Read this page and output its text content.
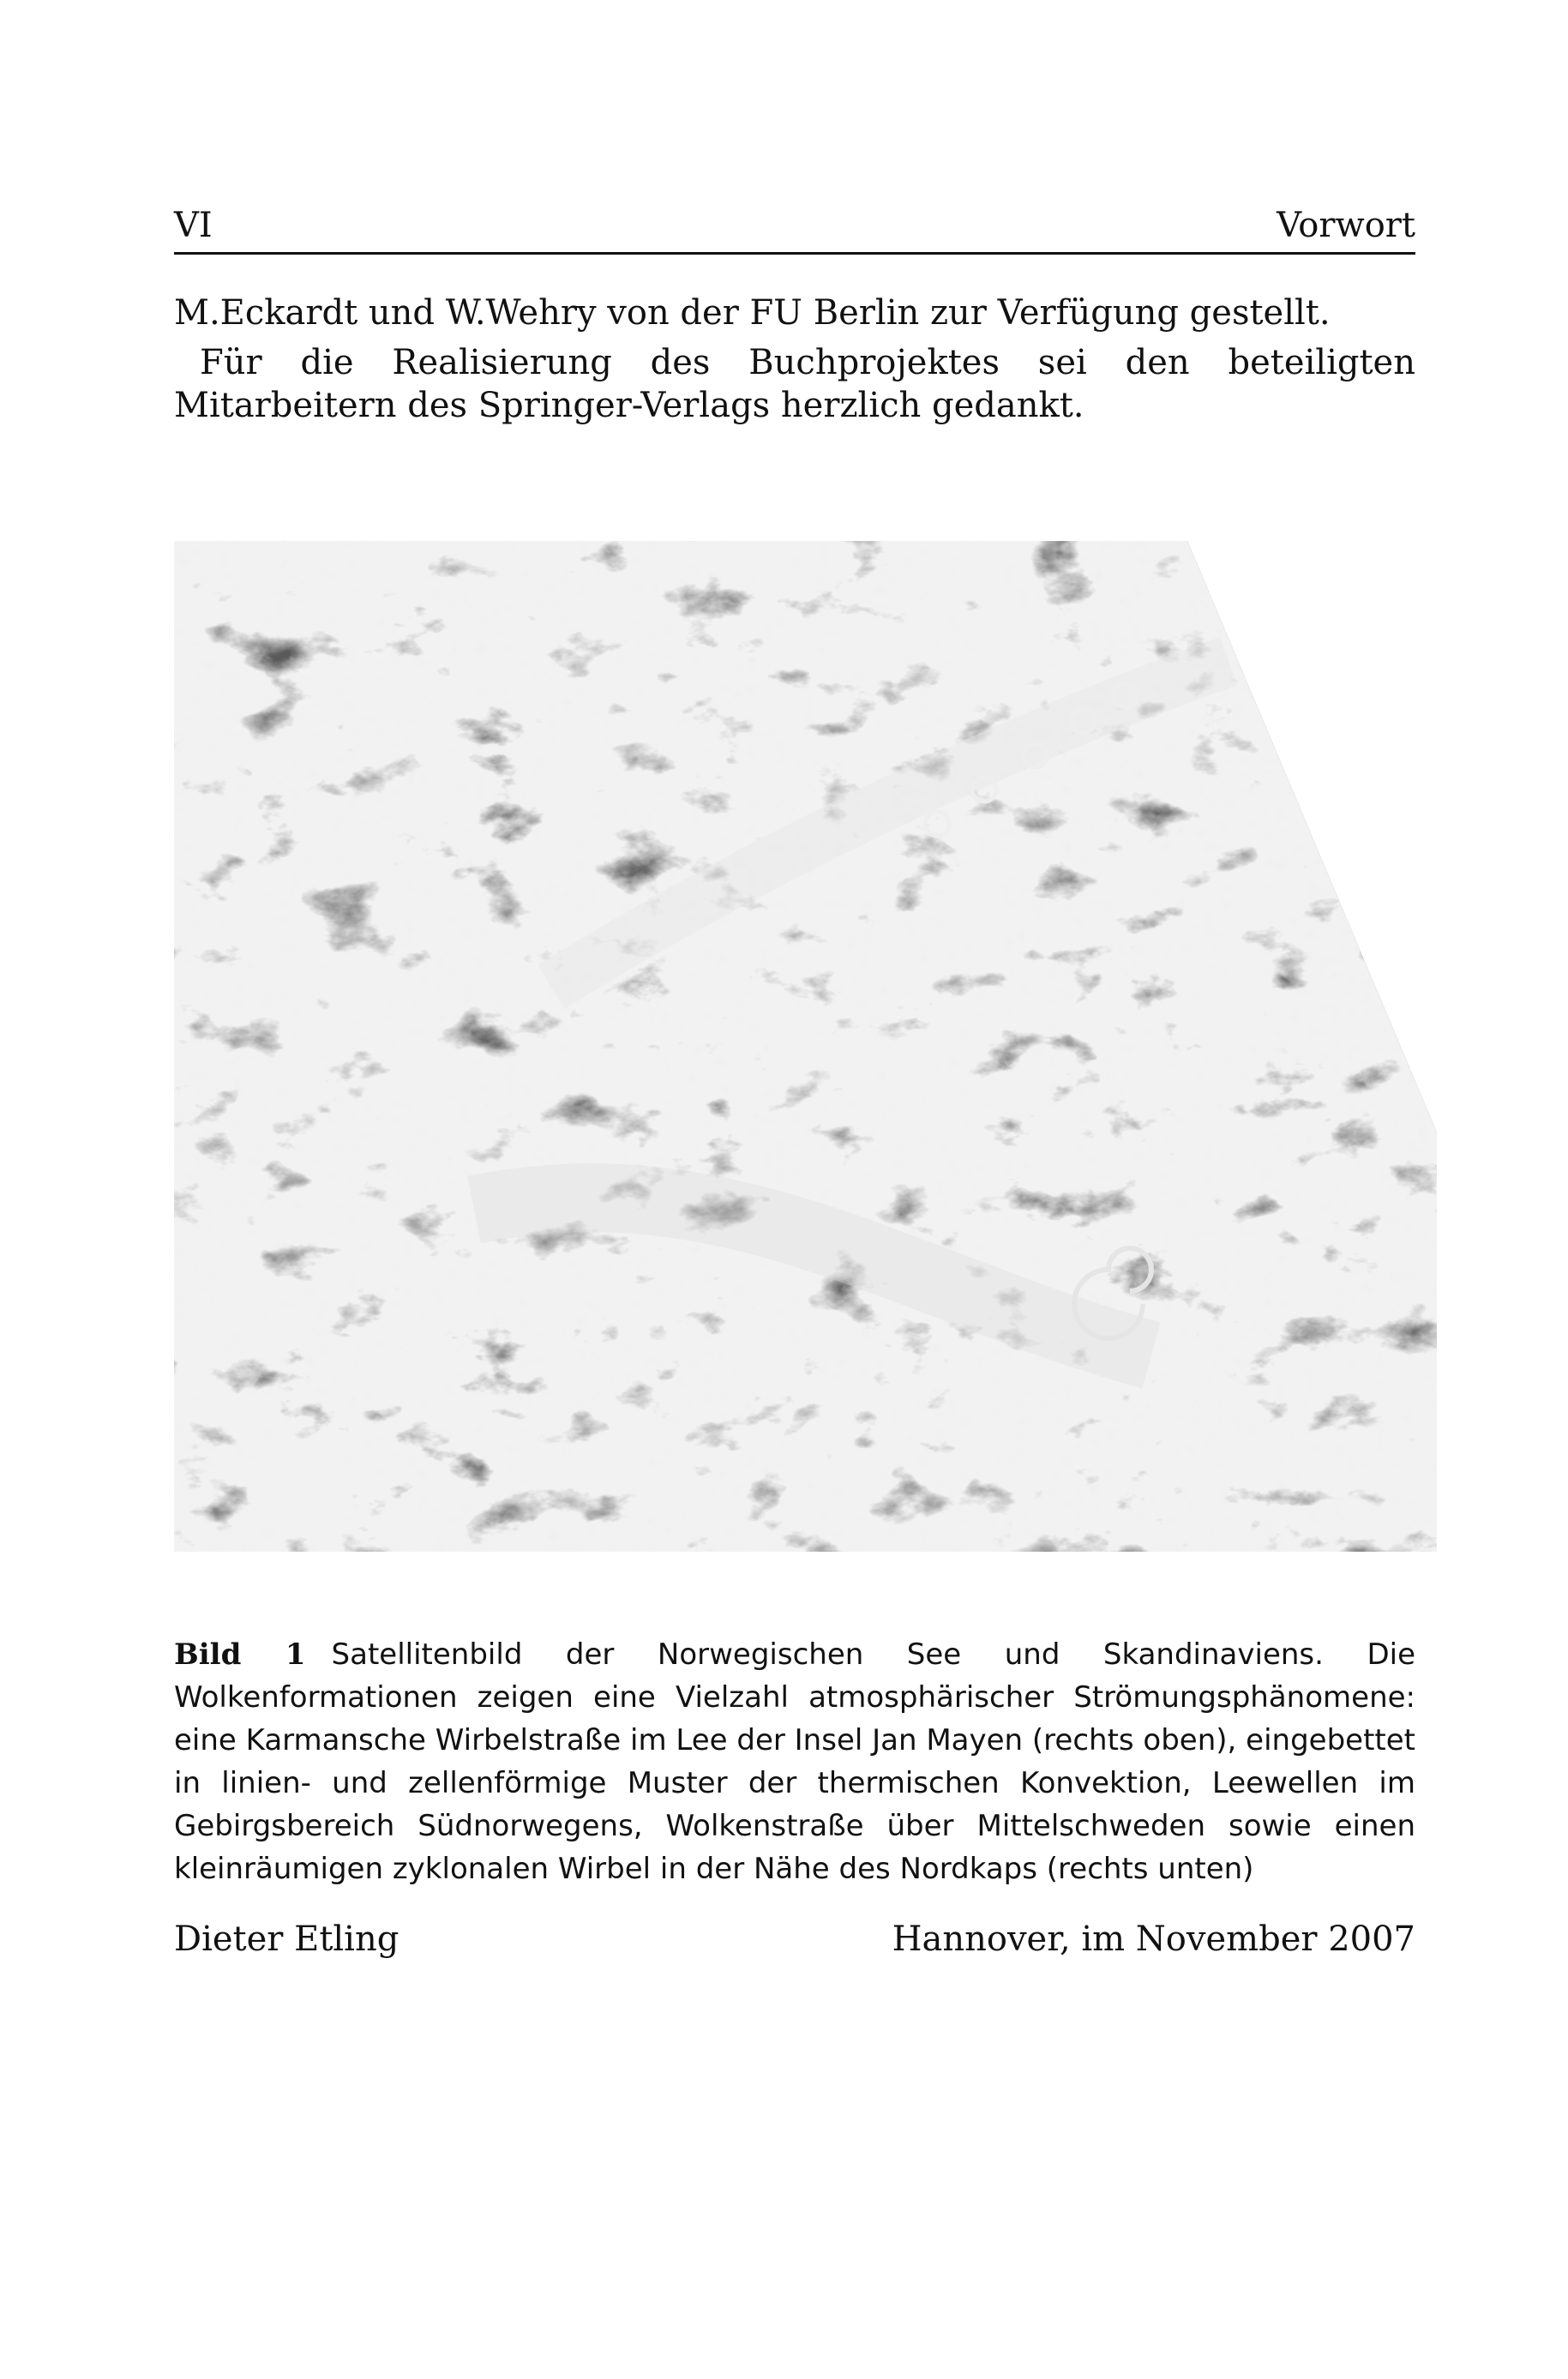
VI	Vorwort
M.Eckardt und W.Wehry von der FU Berlin zur Verfügung gestellt.
Für die Realisierung des Buchprojektes sei den beteiligten Mitarbeitern des Springer-Verlags herzlich gedankt.
Bild 1 Satellitenbild der Norwegischen See und Skandinaviens. Die Wolkenformationen zeigen eine Vielzahl atmosphärischer Strömungsphänomene: eine Karmansche Wirbelstraße im Lee der Insel Jan Mayen (rechts oben), eingebettet in linien- und zellenförmige Muster der thermischen Konvektion, Leewellen im Gebirgsbereich Südnorwegens, Wolkenstraße über Mittelschweden sowie einen kleinräumigen zyklonalen Wirbel in der Nähe des Nordkaps (rechts unten)
Dieter Etling	Hannover, im November 2007
